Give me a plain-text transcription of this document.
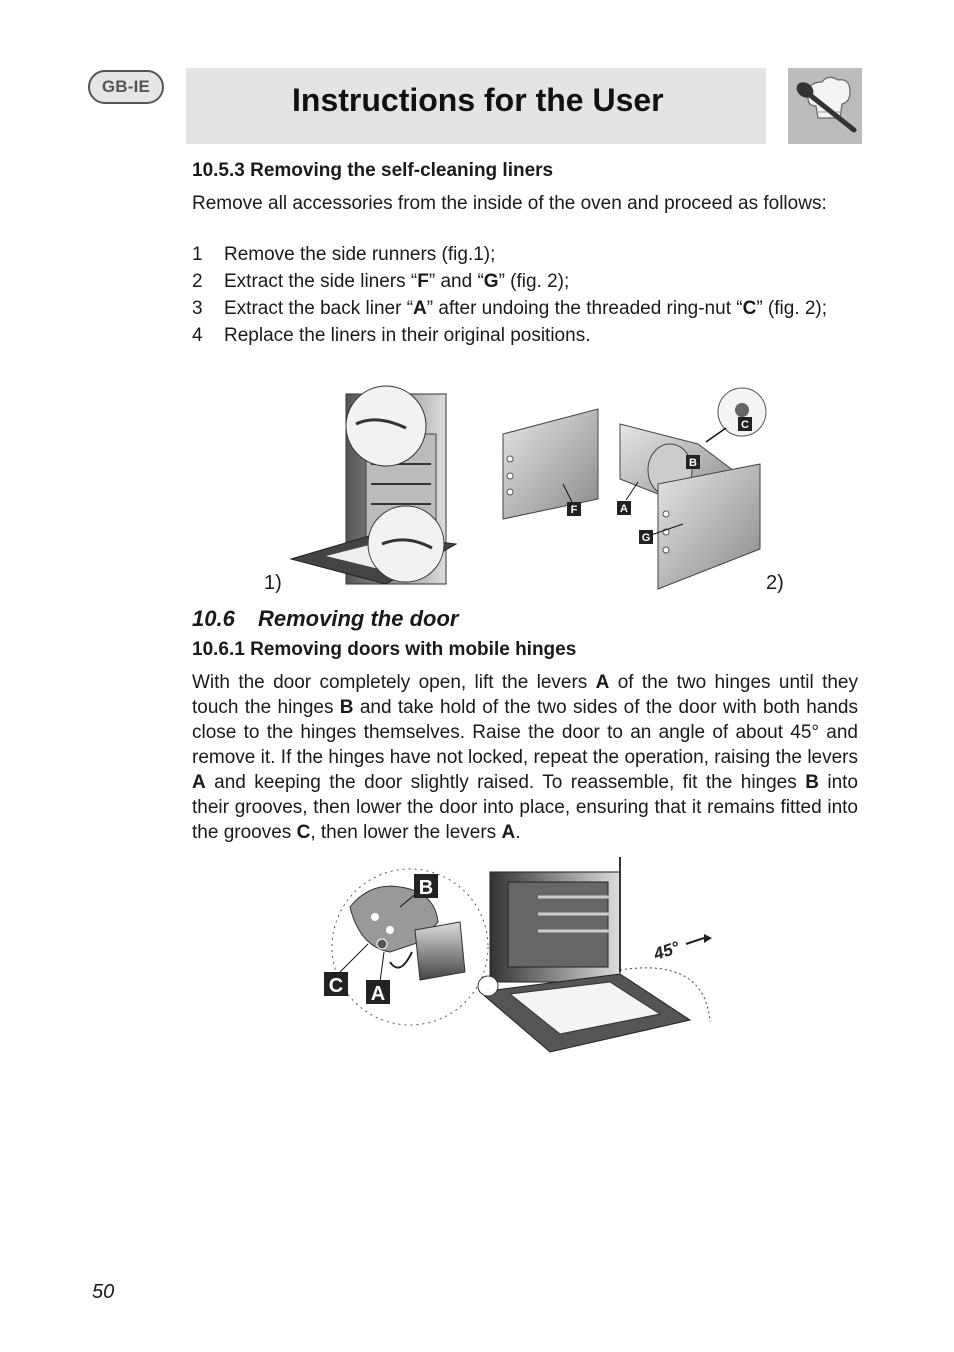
GB-IE	Instructions for the User
10.5.3 Removing the self-cleaning liners

Remove all accessories from the inside of the oven and proceed as follows:

1 Remove the side runners (fig.1);
2 Extract the side liners “F” and “G” (fig. 2);
3 Extract the back liner “A” after undoing the threaded ring-nut “C” (fig. 2);
4 Replace the liners in their original positions.
1)
F	A
G
B
C
2)
10.6 Removing the door
10.6.1 Removing doors with mobile hinges

With the door completely open, lift the levers A of the two hinges until they touch the hinges B and take hold of the two sides of the door with both hands close to the hinges themselves. Raise the door to an angle of about 45° and remove it. If the hinges have not locked, repeat the operation, raising the levers A and keeping the door slightly raised. To reassemble, fit the hinges B into their grooves, then lower the door into place, ensuring that it remains fitted into the grooves C, then lower the levers A.

B
C A
45°
50
